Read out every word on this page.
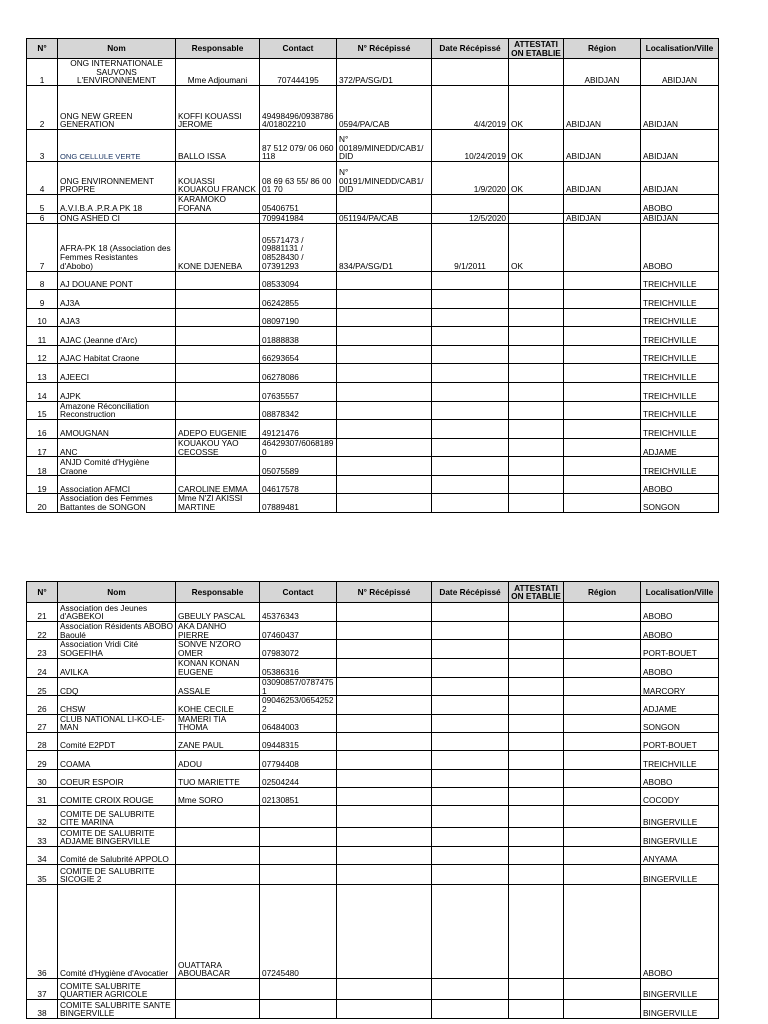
N°	Nom	Responsable	Contact	N° Récépissé	Date Récépissé	ATTESTATI ON ETABLIE	Région	Localisation/Ville
1	ONG INTERNATIONALE SAUVONS L'ENVIRONNEMENT	Mme Adjoumani	707444195	372/PA/SG/D1			ABIDJAN	ABIDJAN
2	ONG NEW GREEN GENERATION	KOFFI KOUASSI JEROME	49498496/0938786 4/01802210	0594/PA/CAB	4/4/2019	OK	ABIDJAN	ABIDJAN
3	ONG CELLULE VERTE	BALLO ISSA	87 512 079/ 06 060 118	N° 00189/MINEDD/CAB1/ DID	10/24/2019	OK	ABIDJAN	ABIDJAN
4	ONG ENVIRONNEMENT PROPRE	KOUASSI KOUAKOU FRANCK	08 69 63 55/ 86 00 01 70	N° 00191/MINEDD/CAB1/ DID	1/9/2020	OK	ABIDJAN	ABIDJAN
5	A.V.I.B.A .P.R.A PK 18	KARAMOKO FOFANA	05406751					ABOBO
6	ONG ASHED CI		709941984	051194/PA/CAB	12/5/2020		ABIDJAN	ABIDJAN
7	AFRA-PK 18 (Association des Femmes Resistantes d'Abobo)	KONE DJENEBA	05571473 / 09881131 / 08528430 / 07391293	834/PA/SG/D1	9/1/2011	OK		ABOBO
8	AJ DOUANE PONT		08533094					TREICHVILLE
9	AJ3A		06242855					TREICHVILLE
10	AJA3		08097190					TREICHVILLE
11	AJAC (Jeanne d'Arc)		01888838					TREICHVILLE
12	AJAC Habitat Craone		66293654					TREICHVILLE
13	AJEECI		06278086					TREICHVILLE
14	AJPK		07635557					TREICHVILLE
15	Amazone Réconciliation Reconstruction		08878342					TREICHVILLE
16	AMOUGNAN	ADEPO EUGENIE	49121476					TREICHVILLE
17	ANC	KOUAKOU YAO CECOSSE	46429307/6068189 0					ADJAME
18	ANJD Comité d'Hygiène Craone		05075589					TREICHVILLE
19	Association AFMCI	CAROLINE EMMA	04617578					ABOBO
20	Association des Femmes Battantes de SONGON	Mme N'ZI AKISSI MARTINE	07889481					SONGON
N°	Nom	Responsable	Contact	N° Récépissé	Date Récépissé	ATTESTATI ON ETABLIE	Région	Localisation/Ville
21	Association des Jeunes d'AGBEKOI	GBEULY PASCAL	45376343					ABOBO
22	Association Résidents ABOBO Baoulé	AKA DANHO PIERRE	07460437					ABOBO
23	Association Vridi Cité SOGEFIHA	SONVE N'ZORO OMER	07983072					PORT-BOUET
24	AVILKA	KONAN KONAN EUGENE	05386316					ABOBO
25	CDQ	ASSALE	03090857/0787475 1					MARCORY
26	CHSW	KOHE CECILE	09046253/0654252 2					ADJAME
27	CLUB NATIONAL LI-KO-LE-MAN	MAMERI TIA THOMA	06484003					SONGON
28	Comité E2PDT	ZANE PAUL	09448315					PORT-BOUET
29	COAMA	ADOU	07794408					TREICHVILLE
30	COEUR ESPOIR	TUO MARIETTE	02504244					ABOBO
31	COMITE CROIX ROUGE	Mme SORO	02130851					COCODY
32	COMITE DE SALUBRITE CITE MARINA							BINGERVILLE
33	COMITE DE SALUBRITE ADJAME BINGERVILLE							BINGERVILLE
34	Comité de Salubrité APPOLO							ANYAMA
35	COMITE DE SALUBRITE SICOGIE 2							BINGERVILLE
36	Comité d'Hygiène d'Avocatier	OUATTARA ABOUBACAR	07245480					ABOBO
37	COMITE SALUBRITE QUARTIER AGRICOLE							BINGERVILLE
38	COMITE SALUBRITE SANTE BINGERVILLE							BINGERVILLE
